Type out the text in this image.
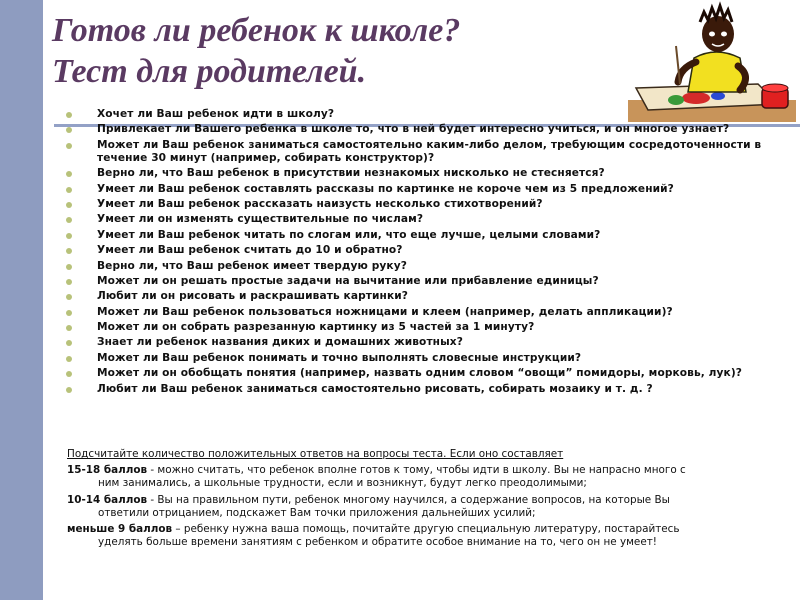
Готов ли ребенок к школе?
Тест для родителей.
Хочет ли Ваш ребенок идти в школу?
Привлекает ли Вашего ребенка в школе то, что в ней будет интересно учиться, и он многое узнает?
Может ли Ваш ребенок заниматься самостоятельно каким-либо делом, требующим сосредоточенности в течение 30 минут (например, собирать конструктор)?
Верно ли, что Ваш ребенок в присутствии незнакомых нисколько не стесняется?
Умеет ли Ваш ребенок составлять рассказы по картинке не короче чем из 5 предложений?
Умеет ли Ваш ребенок рассказать наизусть несколько стихотворений?
Умеет ли он изменять существительные по числам?
Умеет ли Ваш ребенок читать по слогам или, что еще лучше, целыми словами?
Умеет ли Ваш ребенок считать до 10 и обратно?
Верно ли, что Ваш ребенок имеет твердую руку?
Может ли он решать простые задачи на вычитание или прибавление единицы?
Любит ли он рисовать и раскрашивать картинки?
Может ли Ваш ребенок пользоваться ножницами и клеем (например, делать аппликации)?
Может ли он собрать разрезанную картинку из 5 частей за 1 минуту?
Знает ли ребенок названия диких и домашних животных?
Может ли Ваш ребенок понимать и точно выполнять словесные инструкции?
Может ли он обобщать понятия (например, назвать одним словом “овощи” помидоры, морковь, лук)?
Любит ли Ваш ребенок заниматься самостоятельно рисовать, собирать мозаику и т. д. ?
Подсчитайте количество положительных ответов на вопросы теста. Если оно составляет
15-18 баллов - можно считать, что ребенок вполне готов к тому, чтобы идти в школу. Вы не напрасно много с
ним занимались, а школьные трудности, если и возникнут, будут легко преодолимыми;
10-14 баллов - Вы на правильном пути, ребенок многому научился, а содержание вопросов, на которые Вы
ответили отрицанием, подскажет Вам точки приложения дальнейших усилий;
меньше 9 баллов – ребенку нужна ваша помощь, почитайте другую специальную литературу, постарайтесь
уделять больше времени занятиям с ребенком и обратите особое внимание на то, чего он не умеет!
